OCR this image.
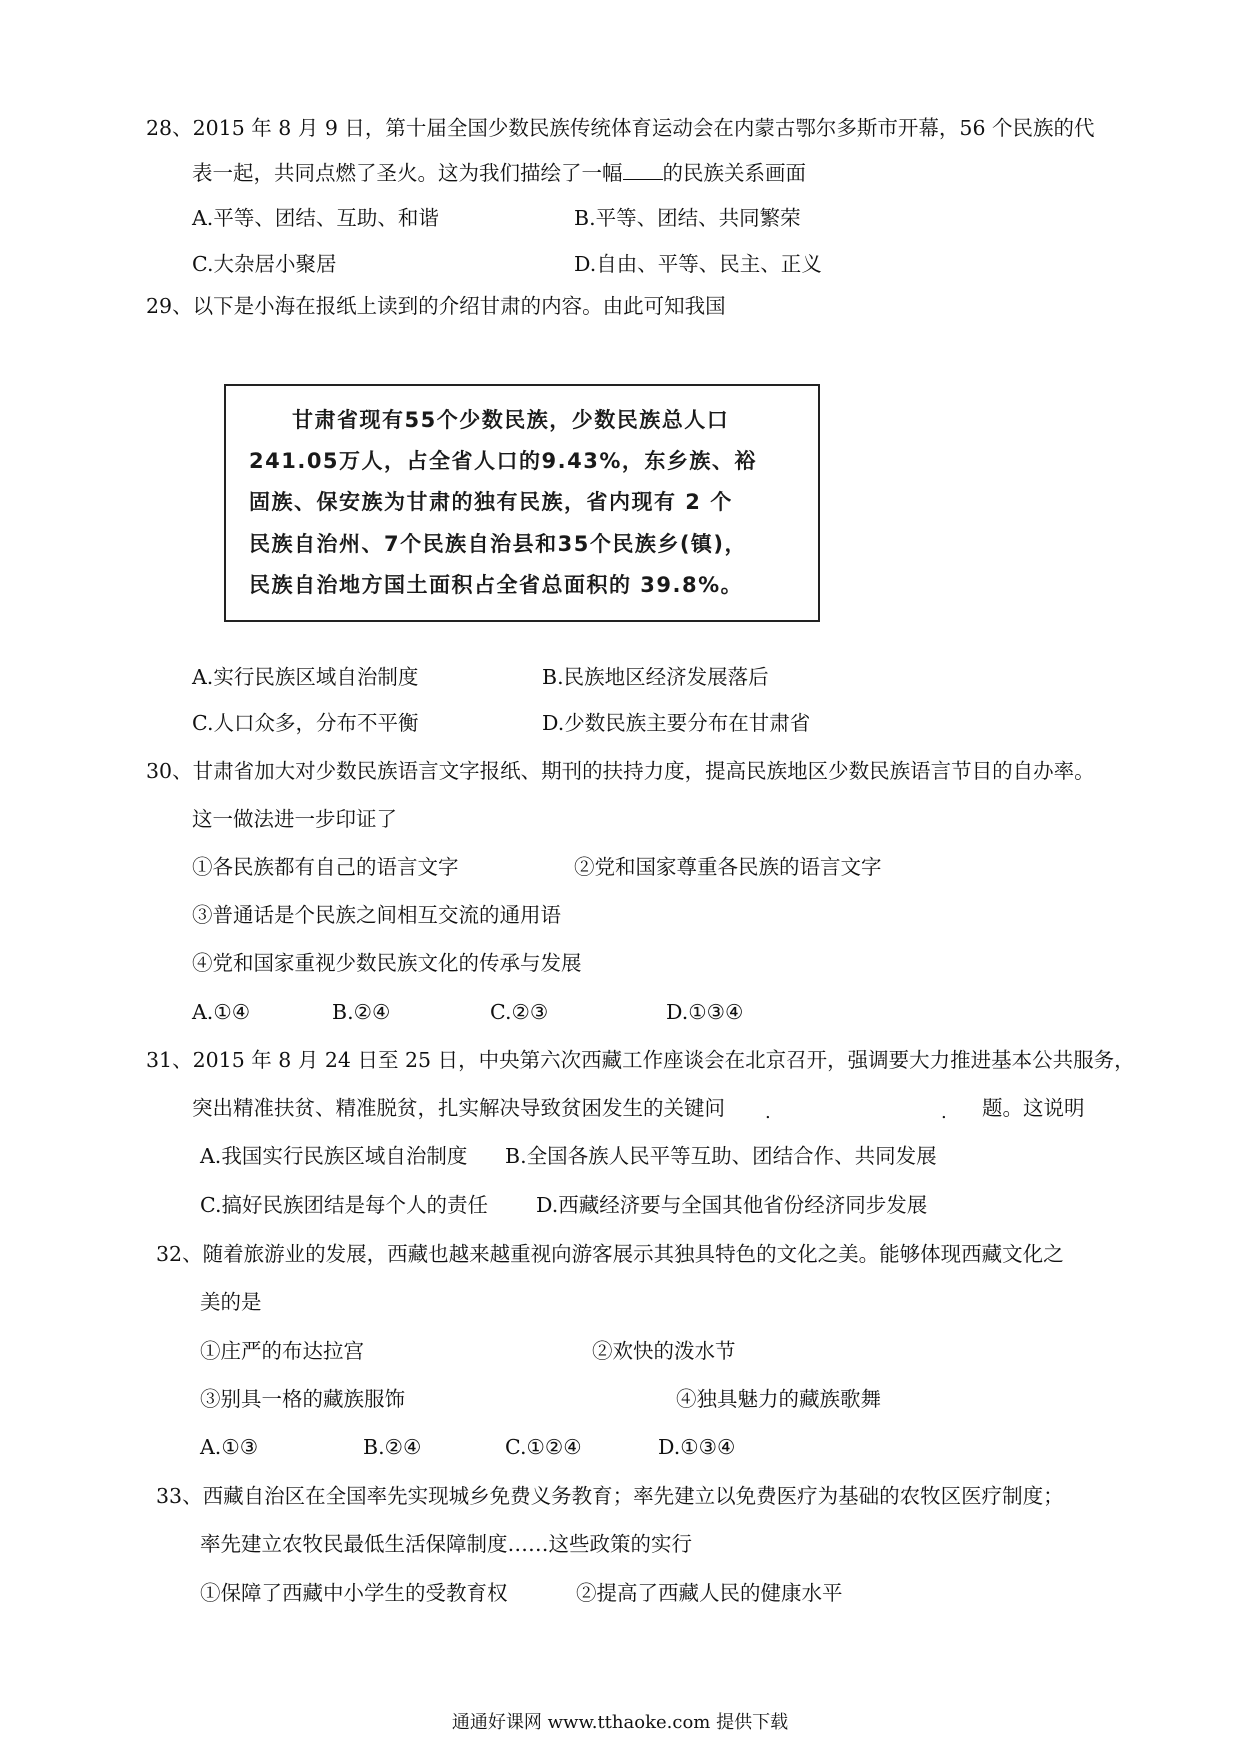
28、2015 年 8 月 9 日，第十届全国少数民族传统体育运动会在内蒙古鄂尔多斯市开幕，56 个民族的代
表一起，共同点燃了圣火。这为我们描绘了一幅 的民族关系画面
A.平等、团结、互助、和谐	B.平等、团结、共同繁荣
C.大杂居小聚居	D.自由、平等、民主、正义
29、以下是小海在报纸上读到的介绍甘肃的内容。由此可知我国
甘肃省现有55个少数民族，少数民族总人口
241.05万人，占全省人口的9.43%，东乡族、裕
固族、保安族为甘肃的独有民族，省内现有 2 个
民族自治州、7个民族自治县和35个民族乡(镇)，
民族自治地方国土面积占全省总面积的 39.8%。
A.实行民族区域自治制度	B.民族地区经济发展落后
C.人口众多，分布不平衡	D.少数民族主要分布在甘肃省
30、甘肃省加大对少数民族语言文字报纸、期刊的扶持力度，提高民族地区少数民族语言节目的自办率。
这一做法进一步印证了
①各民族都有自己的语言文字	②党和国家尊重各民族的语言文字
③普通话是个民族之间相互交流的通用语
④党和国家重视少数民族文化的传承与发展
A.①④	B.②④	C.②③	D.①③④
31、2015 年 8 月 24 日至 25 日，中央第六次西藏工作座谈会在北京召开，强调要大力推进基本公共服务，
突出精准扶贫、精准脱贫，扎实解决导致贫困发生的关键问 .	. 题。这说明
A.我国实行民族区域自治制度 B.全国各族人民平等互助、团结合作、共同发展
C.搞好民族团结是每个人的责任 D.西藏经济要与全国其他省份经济同步发展
32、随着旅游业的发展，西藏也越来越重视向游客展示其独具特色的文化之美。能够体现西藏文化之
美的是
①庄严的布达拉宫	②欢快的泼水节
③别具一格的藏族服饰	④独具魅力的藏族歌舞
A.①③	B.②④	C.①②④	D.①③④
33、西藏自治区在全国率先实现城乡免费义务教育；率先建立以免费医疗为基础的农牧区医疗制度；
率先建立农牧民最低生活保障制度……这些政策的实行
①保障了西藏中小学生的受教育权	②提高了西藏人民的健康水平
通通好课网 www.tthaoke.com 提供下载
